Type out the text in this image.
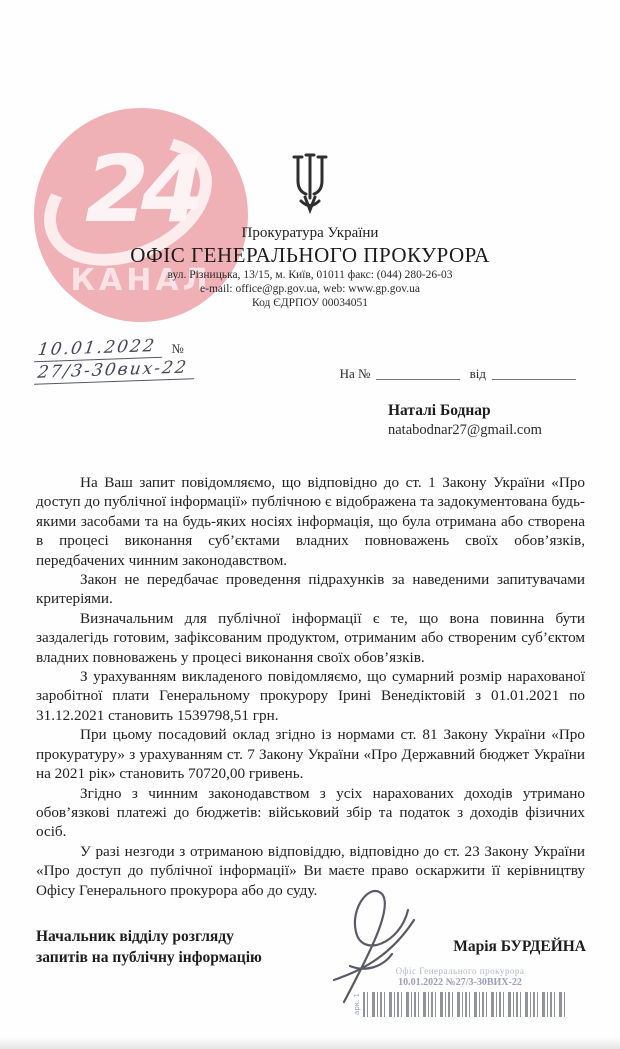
24
КАНАЛ
Прокуратура України
ОФІС ГЕНЕРАЛЬНОГО ПРОКУРОРА
вул. Різницька, 13/15, м. Київ, 01011 факс: (044) 280-26-03
e-mail: office@gp.gov.ua, web: www.gp.gov.ua
Код ЄДРПОУ 00034051
10.01.2022 № 27/3-30вих-22	На №	від
Наталі Боднар
natabodnar27@gmail.com

На Ваш запит повідомляємо, що відповідно до ст. 1 Закону України «Про доступ до публічної інформації» публічною є відображена та задокументована будь-якими засобами та на будь-яких носіях інформація, що була отримана або створена в процесі виконання суб’єктами владних повноважень своїх обов’язків, передбачених чинним законодавством.

Закон не передбачає проведення підрахунків за наведеними запитувачами критеріями.

Визначальним для публічної інформації є те, що вона повинна бути заздалегідь готовим, зафіксованим продуктом, отриманим або створеним суб’єктом владних повноважень у процесі виконання своїх обов’язків.

З урахуванням викладеного повідомляємо, що сумарний розмір нарахованої заробітної плати Генеральному прокурору Ірині Венедіктовій з 01.01.2021 по 31.12.2021 становить 1539798,51 грн.

При цьому посадовий оклад згідно із нормами ст. 81 Закону України «Про прокуратуру» з урахуванням ст. 7 Закону України «Про Державний бюджет України на 2021 рік» становить 70720,00 гривень.

Згідно з чинним законодавством з усіх нарахованих доходів утримано обов’язкові платежі до бюджетів: військовий збір та податок з доходів фізичних осіб.

У разі незгоди з отриманою відповіддю, відповідно до ст. 23 Закону України «Про доступ до публічної інформації» Ви маєте право оскаржити її керівництву Офісу Генерального прокурора або до суду.

Начальник відділу розгляду
запитів на публічну інформацію
Марія БУРДЕЙНА
Офіс Генерального прокурора
10.01.2022 №27/3-30ВИХ-22
арк. 1
